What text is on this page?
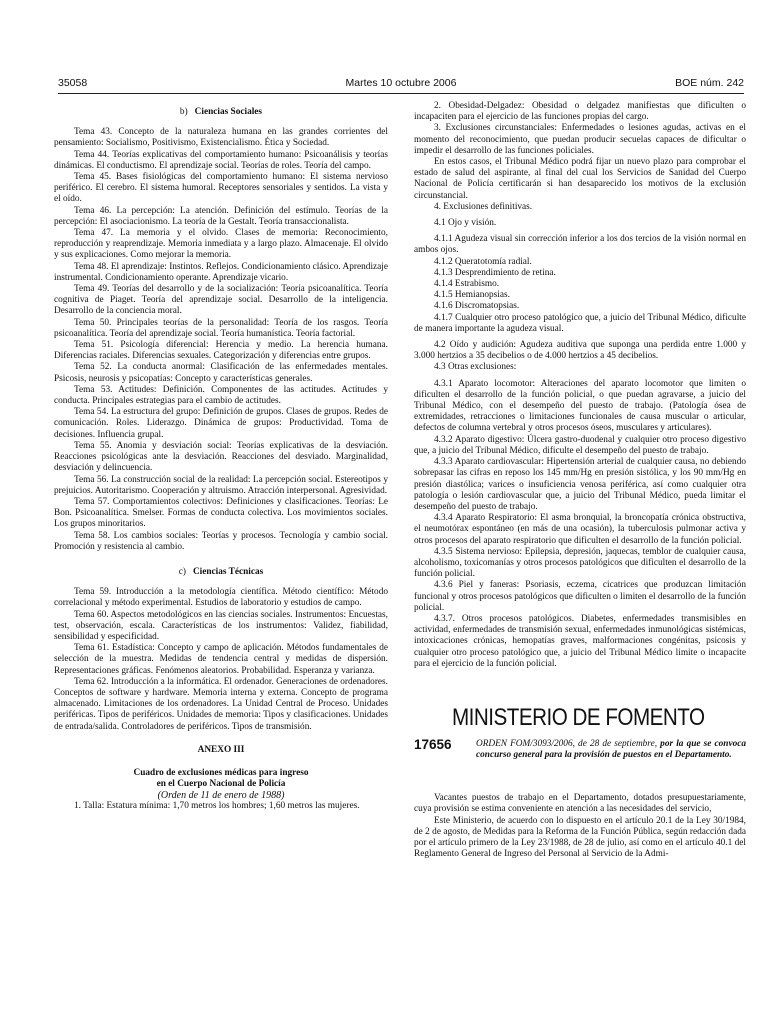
35058	Martes 10 octubre 2006	BOE núm. 242
b) Ciencias Sociales

Tema 43. Concepto de la naturaleza humana en las grandes corrientes del pensamiento: Socialismo, Positivismo, Existencialismo. Ética y Sociedad.

Tema 44. Teorías explicativas del comportamiento humano: Psicoanálisis y teorías dinámicas. El conductismo. El aprendizaje social. Teorías de roles. Teoría del campo.

Tema 45. Bases fisiológicas del comportamiento humano: El sistema nervioso periférico. El cerebro. El sistema humoral. Receptores sensoriales y sentidos. La vista y el oído.

Tema 46. La percepción: La atención. Definición del estímulo. Teorías de la percepción: El asociacionismo. La teoría de la Gestalt. Teoría transaccionalista.

Tema 47. La memoria y el olvido. Clases de memoria: Reconocimiento, reproducción y reaprendizaje. Memoria inmediata y a largo plazo. Almacenaje. El olvido y sus explicaciones. Como mejorar la memoria.

Tema 48. El aprendizaje: Instintos. Reflejos. Condicionamiento clásico. Aprendizaje instrumental. Condicionamiento operante. Aprendizaje vicario.

Tema 49. Teorías del desarrollo y de la socialización: Teoría psicoanalítica. Teoría cognitiva de Piaget. Teoría del aprendizaje social. Desarrollo de la inteligencia. Desarrollo de la conciencia moral.

Tema 50. Principales teorías de la personalidad: Teoría de los rasgos. Teoría psicoanalítica. Teoría del aprendizaje social. Teoría humanística. Teoría factorial.

Tema 51. Psicología diferencial: Herencia y medio. La herencia humana. Diferencias raciales. Diferencias sexuales. Categorización y diferencias entre grupos.

Tema 52. La conducta anormal: Clasificación de las enfermedades mentales. Psicosis, neurosis y psicopatías: Concepto y características generales.

Tema 53. Actitudes: Definición. Componentes de las actitudes. Actitudes y conducta. Principales estrategias para el cambio de actitudes.

Tema 54. La estructura del grupo: Definición de grupos. Clases de grupos. Redes de comunicación. Roles. Liderazgo. Dinámica de grupos: Productividad. Toma de decisiones. Influencia grupal.

Tema 55. Anomia y desviación social: Teorías explicativas de la desviación. Reacciones psicológicas ante la desviación. Reacciones del desviado. Marginalidad, desviación y delincuencia.

Tema 56. La construcción social de la realidad: La percepción social. Estereotipos y prejuicios. Autoritarismo. Cooperación y altruismo. Atracción interpersonal. Agresividad.

Tema 57. Comportamientos colectivos: Definiciones y clasificaciones. Teorías: Le Bon. Psicoanalítica. Smelser. Formas de conducta colectiva. Los movimientos sociales. Los grupos minoritarios.

Tema 58. Los cambios sociales: Teorías y procesos. Tecnología y cambio social. Promoción y resistencia al cambio.

c) Ciencias Técnicas

Tema 59. Introducción a la metodología científica. Método científico: Método correlacional y método experimental. Estudios de laboratorio y estudios de campo.

Tema 60. Aspectos metodológicos en las ciencias sociales. Instrumentos: Encuestas, test, observación, escala. Características de los instrumentos: Validez, fiabilidad, sensibilidad y especificidad.

Tema 61. Estadística: Concepto y campo de aplicación. Métodos fundamentales de selección de la muestra. Medidas de tendencia central y medidas de dispersión. Representaciones gráficas. Fenómenos aleatorios. Probabilidad. Esperanza y varianza.

Tema 62. Introducción a la informática. El ordenador. Generaciones de ordenadores. Conceptos de software y hardware. Memoria interna y externa. Concepto de programa almacenado. Limitaciones de los ordenadores. La Unidad Central de Proceso. Unidades periféricas. Tipos de periféricos. Unidades de memoria: Tipos y clasificaciones. Unidades de entrada/salida. Controladores de periféricos. Tipos de transmisión.

ANEXO III

Cuadro de exclusiones médicas para ingreso

en el Cuerpo Nacional de Policía

(Orden de 11 de enero de 1988)

1. Talla: Estatura mínima: 1,70 metros los hombres; 1,60 metros las mujeres.

2. Obesidad-Delgadez: Obesidad o delgadez manifiestas que dificulten o incapaciten para el ejercicio de las funciones propias del cargo.

3. Exclusiones circunstanciales: Enfermedades o lesiones agudas, activas en el momento del reconocimiento, que puedan producir secuelas capaces de dificultar o impedir el desarrollo de las funciones policiales.

En estos casos, el Tribunal Médico podrá fijar un nuevo plazo para comprobar el estado de salud del aspirante, al final del cual los Servicios de Sanidad del Cuerpo Nacional de Policía certificarán si han desaparecido los motivos de la exclusión circunstancial.

4. Exclusiones definitivas.

4.1 Ojo y visión.

4.1.1 Agudeza visual sin corrección inferior a los dos tercios de la visión normal en ambos ojos.

4.1.2 Queratotomía radial.

4.1.3 Desprendimiento de retina.

4.1.4 Estrabismo.

4.1.5 Hemianopsias.

4.1.6 Discromatopsias.

4.1.7 Cualquier otro proceso patológico que, a juicio del Tribunal Médico, dificulte de manera importante la agudeza visual.

4.2 Oído y audición: Agudeza auditiva que suponga una perdida entre 1.000 y 3.000 hertzios a 35 decibelios o de 4.000 hertzios a 45 decibelios.

4.3 Otras exclusiones:

4.3.1 Aparato locomotor: Alteraciones del aparato locomotor que limiten o dificulten el desarrollo de la función policial, o que puedan agravarse, a juicio del Tribunal Médico, con el desempeño del puesto de trabajo. (Patología ósea de extremidades, retracciones o limitaciones funcionales de causa muscular o articular, defectos de columna vertebral y otros procesos óseos, musculares y articulares).

4.3.2 Aparato digestivo: Úlcera gastro-duodenal y cualquier otro proceso digestivo que, a juicio del Tribunal Médico, dificulte el desempeño del puesto de trabajo.

4.3.3 Aparato cardiovascular: Hipertensión arterial de cualquier causa, no debiendo sobrepasar las cifras en reposo los 145 mm/Hg en presión sistólica, y los 90 mm/Hg en presión diastólica; varices o insuficiencia venosa periférica, así como cualquier otra patología o lesión cardiovascular que, a juicio del Tribunal Médico, pueda limitar el desempeño del puesto de trabajo.

4.3.4 Aparato Respiratorio: El asma bronquial, la broncopatía crónica obstructiva, el neumotórax espontáneo (en más de una ocasión), la tuberculosis pulmonar activa y otros procesos del aparato respiratorio que dificulten el desarrollo de la función policial.

4.3.5 Sistema nervioso: Epilepsia, depresión, jaquecas, temblor de cualquier causa, alcoholismo, toxicomanías y otros procesos patológicos que dificulten el desarrollo de la función policial.

4.3.6 Piel y faneras: Psoriasis, eczema, cicatrices que produzcan limitación funcional y otros procesos patológicos que dificulten o limiten el desarrollo de la función policial.

4.3.7. Otros procesos patológicos. Diabetes, enfermedades transmisibles en actividad, enfermedades de transmisión sexual, enfermedades inmunológicas sistémicas, intoxicaciones crónicas, hemopatías graves, malformaciones congénitas, psicosis y cualquier otro proceso patológico que, a juicio del Tribunal Médico limite o incapacite para el ejercicio de la función policial.

MINISTERIO DE FOMENTO
17656	ORDEN FOM/3093/2006, de 28 de septiembre, por la que se convoca concurso general para la provisión de puestos en el Departamento.

Vacantes puestos de trabajo en el Departamento, dotados presupuestariamente, cuya provisión se estima conveniente en atención a las necesidades del servicio,

Este Ministerio, de acuerdo con lo dispuesto en el artículo 20.1 de la Ley 30/1984, de 2 de agosto, de Medidas para la Reforma de la Función Pública, según redacción dada por el artículo primero de la Ley 23/1988, de 28 de julio, así como en el artículo 40.1 del Reglamento General de Ingreso del Personal al Servicio de la Admi-
